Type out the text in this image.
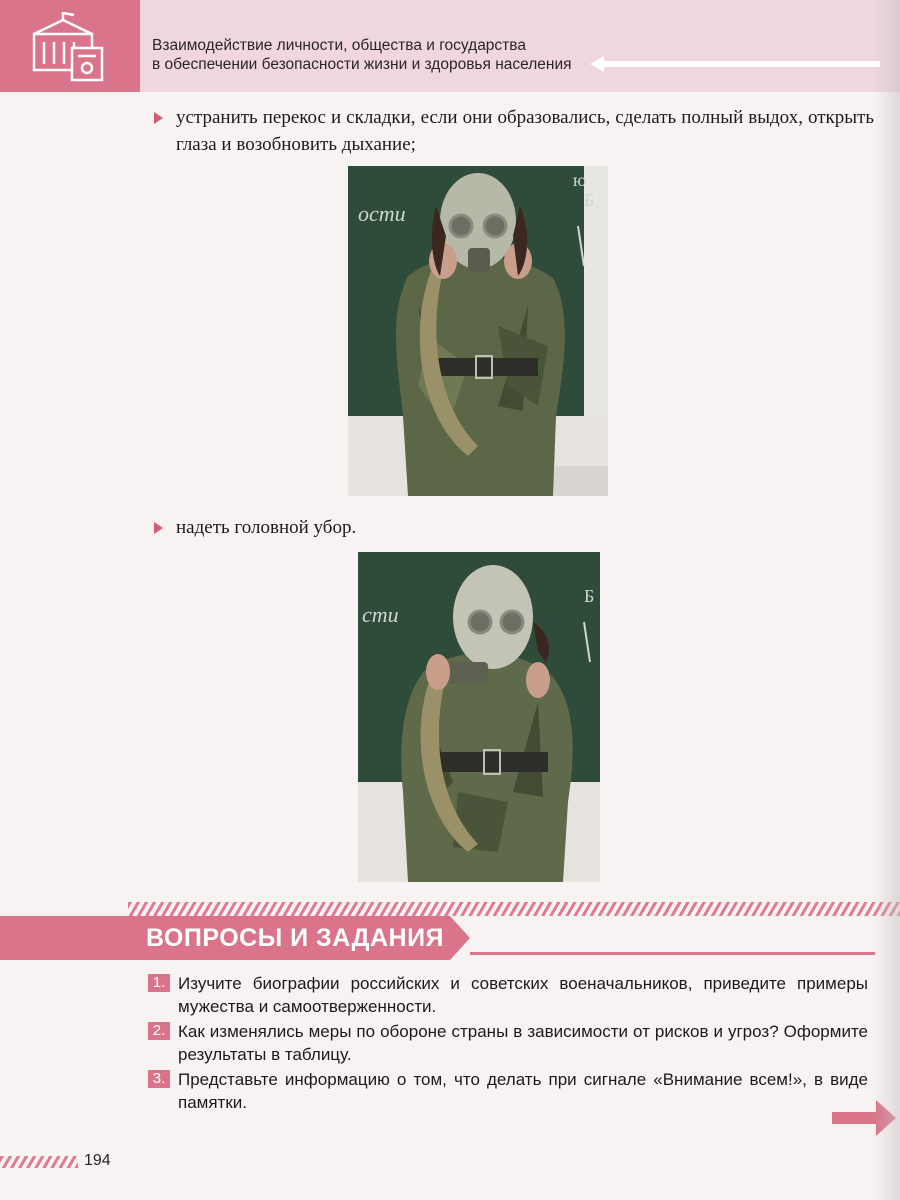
Взаимодействие личности, общества и государства
в обеспечении безопасности жизни и здоровья населения
устранить перекос и складки, если они образовались, сделать полный выдох, открыть глаза и возобновить дыхание;
ости
ю
Б
надеть головной убор.
сти
Б
ВОПРОСЫ И ЗАДАНИЯ
1. Изучите биографии российских и советских военачальников, приведите примеры мужества и самоотверженности.
2. Как изменялись меры по обороне страны в зависимости от рисков и угроз? Оформите результаты в таблицу.
3. Представьте информацию о том, что делать при сигнале «Внимание всем!», в виде памятки.
194
